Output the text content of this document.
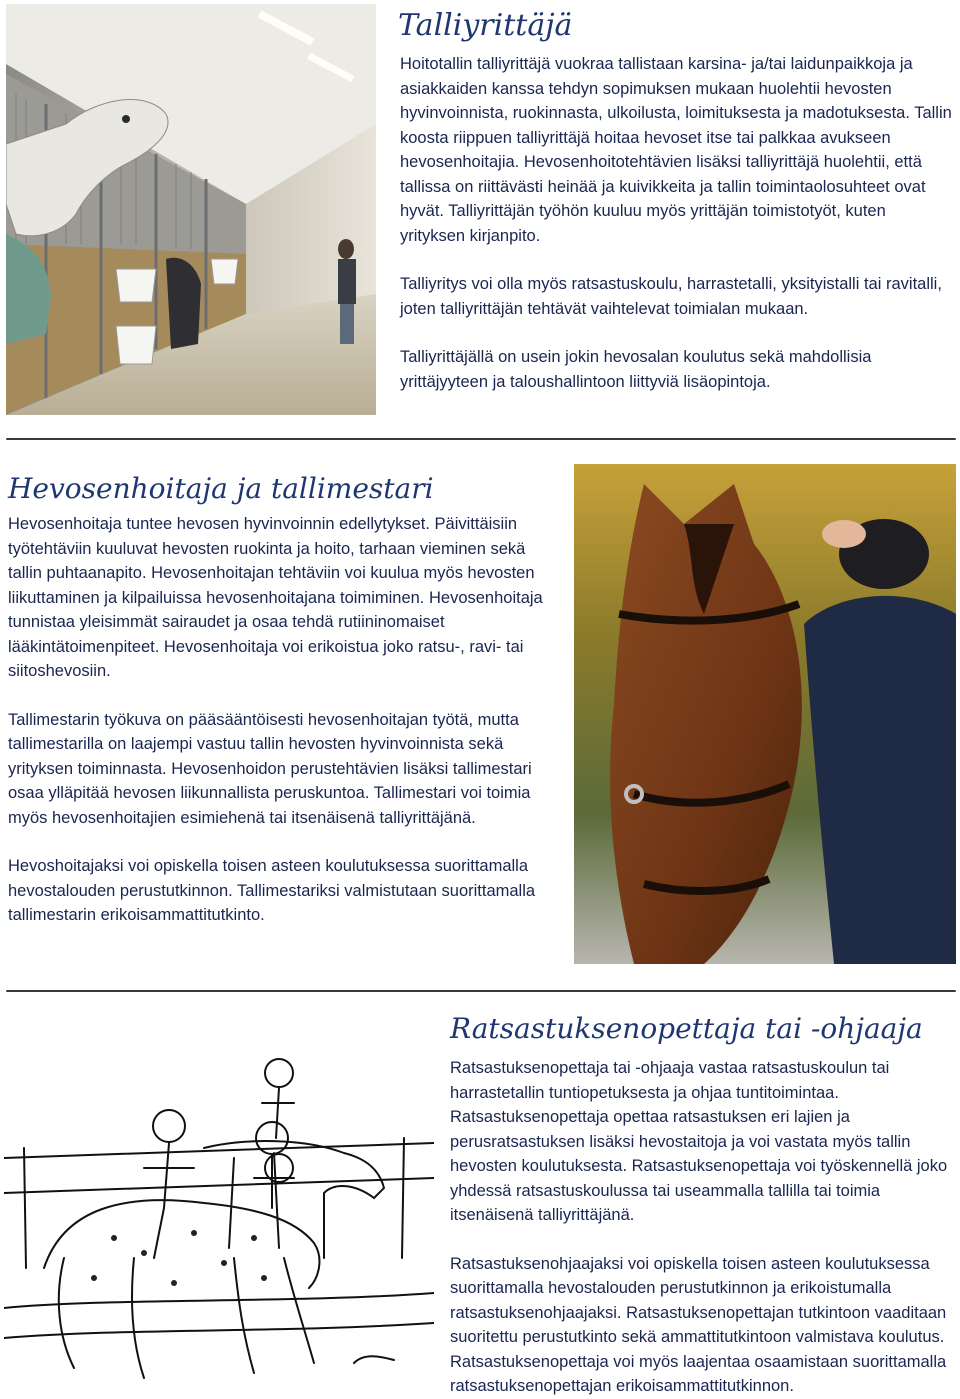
Talliyrittäjä

Hoitotallin talliyrittäjä vuokraa tallistaan karsina- ja/tai laidunpaikkoja ja asiakkaiden kanssa tehdyn sopimuksen mukaan huolehtii hevosten hyvinvoinnista, ruokinnasta, ulkoilusta, loimituksesta ja madotuksesta. Tallin koosta riippuen talliyrittäjä hoitaa hevoset itse tai palkkaa avukseen hevosenhoitajia. Hevosenhoitotehtävien lisäksi talliyrittäjä huolehtii, että tallissa on riittävästi heinää ja kuivikkeita ja tallin toimintaolosuhteet ovat hyvät. Talliyrittäjän työhön kuuluu myös yrittäjän toimistotyöt, kuten yrityksen kirjanpito.

Talliyritys voi olla myös ratsastuskoulu, harrastetalli, yksityistalli tai ravitalli, joten talliyrittäjän tehtävät vaihtelevat toimialan mukaan.

Talliyrittäjällä on usein jokin hevosalan koulutus sekä mahdollisia yrittäjyyteen ja taloushallintoon liittyviä lisäopintoja.

Hevosenhoitaja ja tallimestari

Hevosenhoitaja tuntee hevosen hyvinvoinnin edellytykset. Päivittäisiin työtehtäviin kuuluvat hevosten ruokinta ja hoito, tarhaan vieminen sekä tallin puhtaanapito. Hevosenhoitajan tehtäviin voi kuulua myös hevosten liikuttaminen ja kilpailuissa hevosenhoitajana toimiminen. Hevosenhoitaja tunnistaa yleisimmät sairaudet ja osaa tehdä rutiininomaiset lääkintätoimenpiteet. Hevosenhoitaja voi erikoistua joko ratsu-, ravi- tai siitoshevosiin.

Tallimestarin työkuva on pääsääntöisesti hevosenhoitajan työtä, mutta tallimestarilla on laajempi vastuu tallin hevosten hyvinvoinnista sekä yrityksen toiminnasta. Hevosenhoidon perustehtävien lisäksi tallimestari osaa ylläpitää hevosen liikunnallista peruskuntoa. Tallimestari voi toimia myös hevosenhoitajien esimiehenä tai itsenäisenä talliyrittäjänä.

Hevoshoitajaksi voi opiskella toisen asteen koulutuksessa suorittamalla hevostalouden perustutkinnon. Tallimestariksi valmistutaan suorittamalla tallimestarin erikoisammattitutkinto.

Ratsastuksenopettaja tai -ohjaaja

Ratsastuksenopettaja tai -ohjaaja vastaa ratsastuskoulun tai harrastetallin tuntiopetuksesta ja ohjaa tuntitoimintaa. Ratsastuksenopettaja opettaa ratsastuksen eri lajien ja perusratsastuksen lisäksi hevostaitoja ja voi vastata myös tallin hevosten koulutuksesta. Ratsastuksenopettaja voi työskennellä joko yhdessä ratsastuskoulussa tai useammalla tallilla tai toimia itsenäisenä talliyrittäjänä.

Ratsastuksenohjaajaksi voi opiskella toisen asteen koulutuksessa suorittamalla hevostalouden perustutkinnon ja erikoistumalla ratsastuksenohjaajaksi. Ratsastuksenopettajan tutkintoon vaaditaan suoritettu perustutkinto sekä ammattitutkintoon valmistava koulutus. Ratsastuksenopettaja voi myös laajentaa osaamistaan suorittamalla ratsastuksenopettajan erikoisammattitutkinnon.
